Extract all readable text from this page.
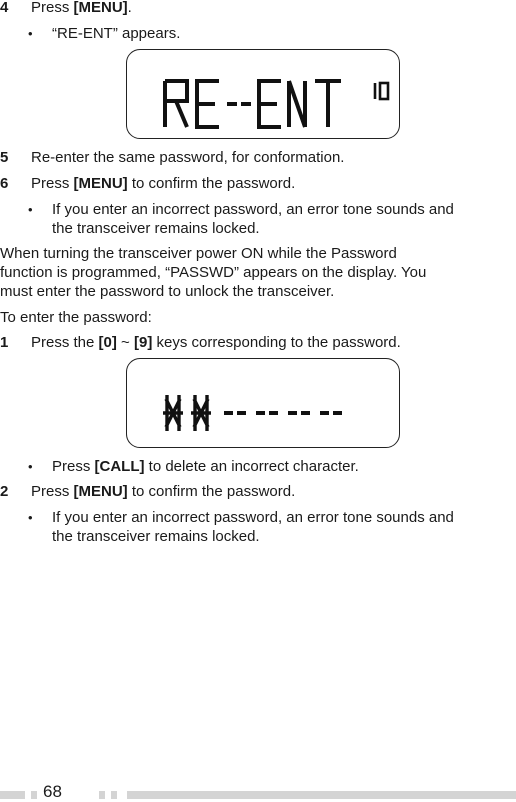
4	Press [MENU].
• “RE-ENT” appears.
5	Re-enter the same password, for conformation.
6	Press [MENU] to confirm the password.
• If you enter an incorrect password, an error tone sounds and
the transceiver remains locked.
When turning the transceiver power ON while the Password
function is programmed, “PASSWD” appears on the display. You
must enter the password to unlock the transceiver.
To enter the password:
1	Press the [0] ~ [9] keys corresponding to the password.
• Press [CALL] to delete an incorrect character.
2	Press [MENU] to confirm the password.
• If you enter an incorrect password, an error tone sounds and
the transceiver remains locked.
68
